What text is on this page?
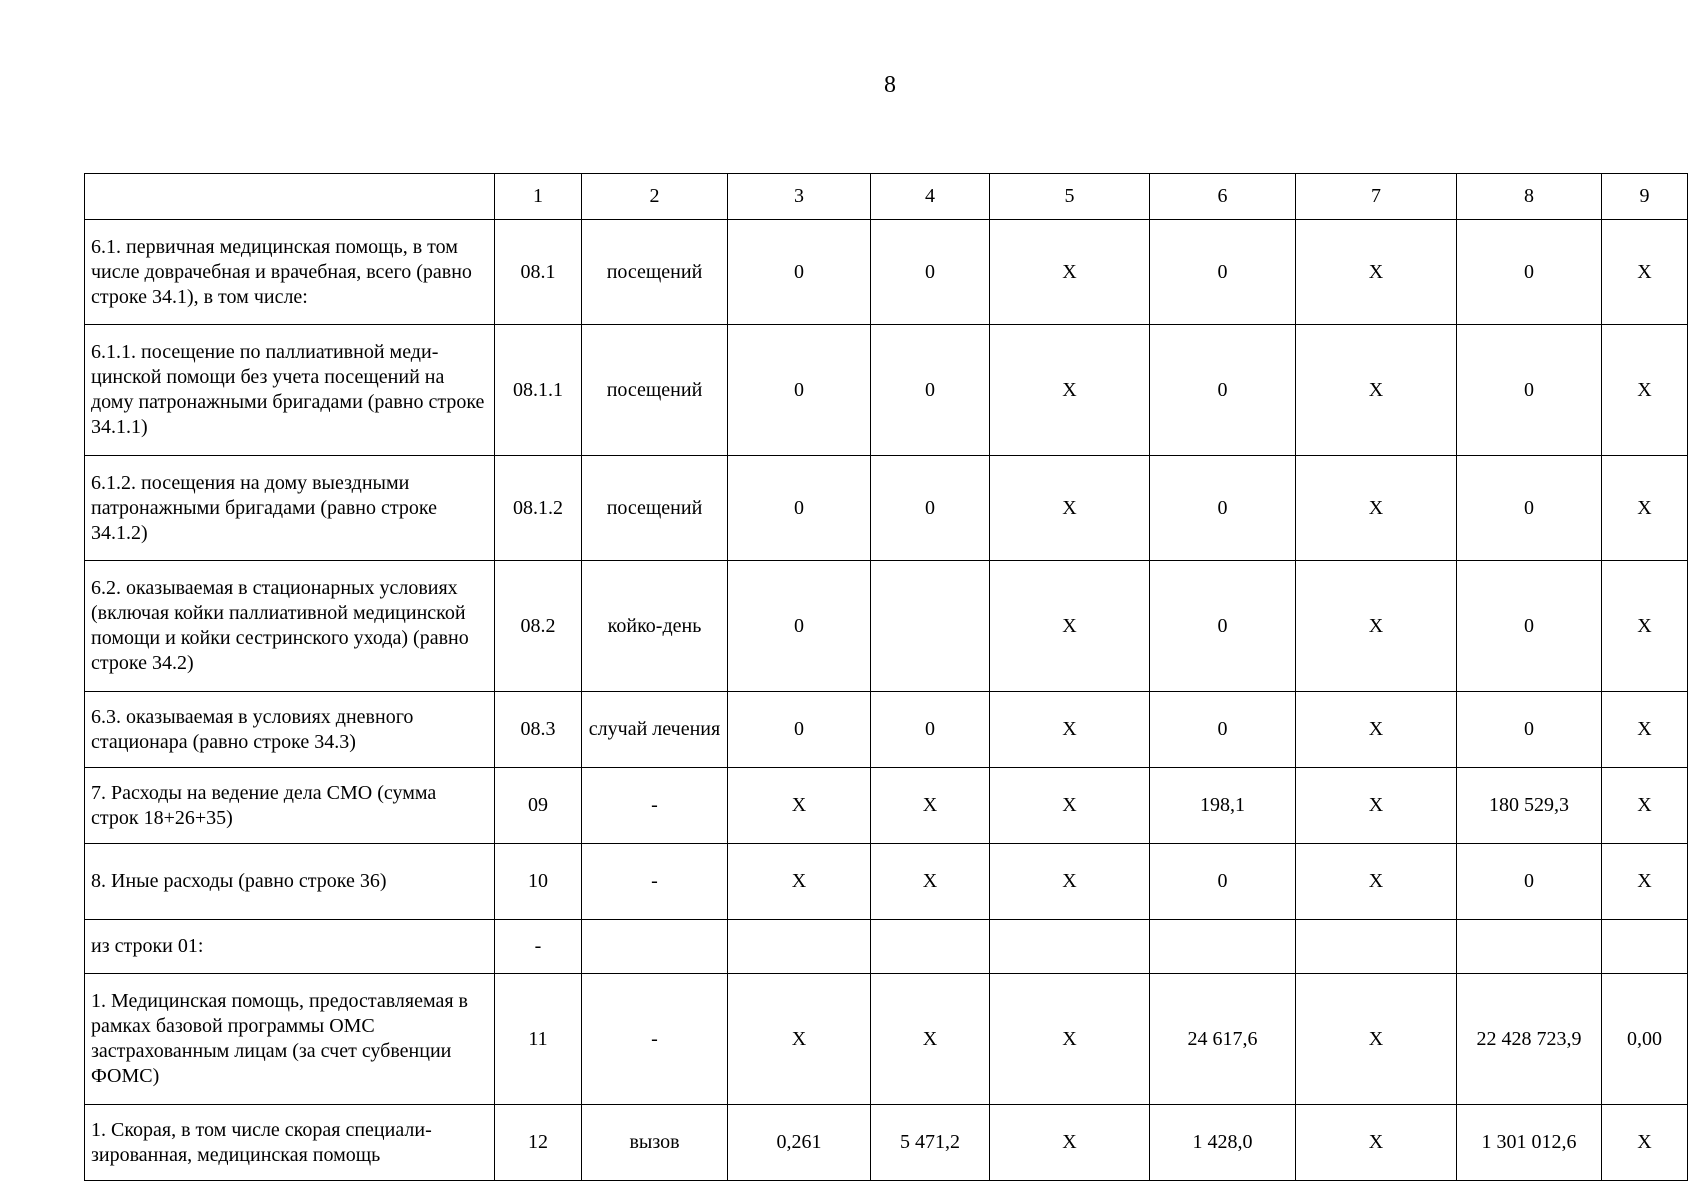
8
	1	2	3	4	5	6	7	8	9
6.1. первичная медицинская помощь, в том числе доврачебная и врачебная, всего (равно строке 34.1), в том числе:	08.1	посещений	0	0	X	0	X	0	X
6.1.1. посещение по паллиативной медицинской помощи без учета посещений на дому патронажными бригадами (равно строке 34.1.1)	08.1.1	посещений	0	0	X	0	X	0	X
6.1.2. посещения на дому выездными патронажными бригадами (равно строке 34.1.2)	08.1.2	посещений	0	0	X	0	X	0	X
6.2. оказываемая в стационарных условиях (включая койки паллиативной медицинской помощи и койки сестринского ухода) (равно строке 34.2)	08.2	койко-день	0		X	0	X	0	X
6.3. оказываемая в условиях дневного стационара (равно строке 34.3)	08.3	случай лечения	0	0	X	0	X	0	X
7. Расходы на ведение дела СМО (сумма строк 18+26+35)	09	-	X	X	X	198,1	X	180 529,3	X
8. Иные расходы (равно строке 36)	10	-	X	X	X	0	X	0	X
из строки 01:	-								
1. Медицинская помощь, предоставляемая в рамках базовой программы ОМС застрахованным лицам (за счет субвенции ФОМС)	11	-	X	X	X	24 617,6	X	22 428 723,9	0,00
1. Скорая, в том числе скорая специализированная, медицинская помощь	12	вызов	0,261	5 471,2	X	1 428,0	X	1 301 012,6	X
